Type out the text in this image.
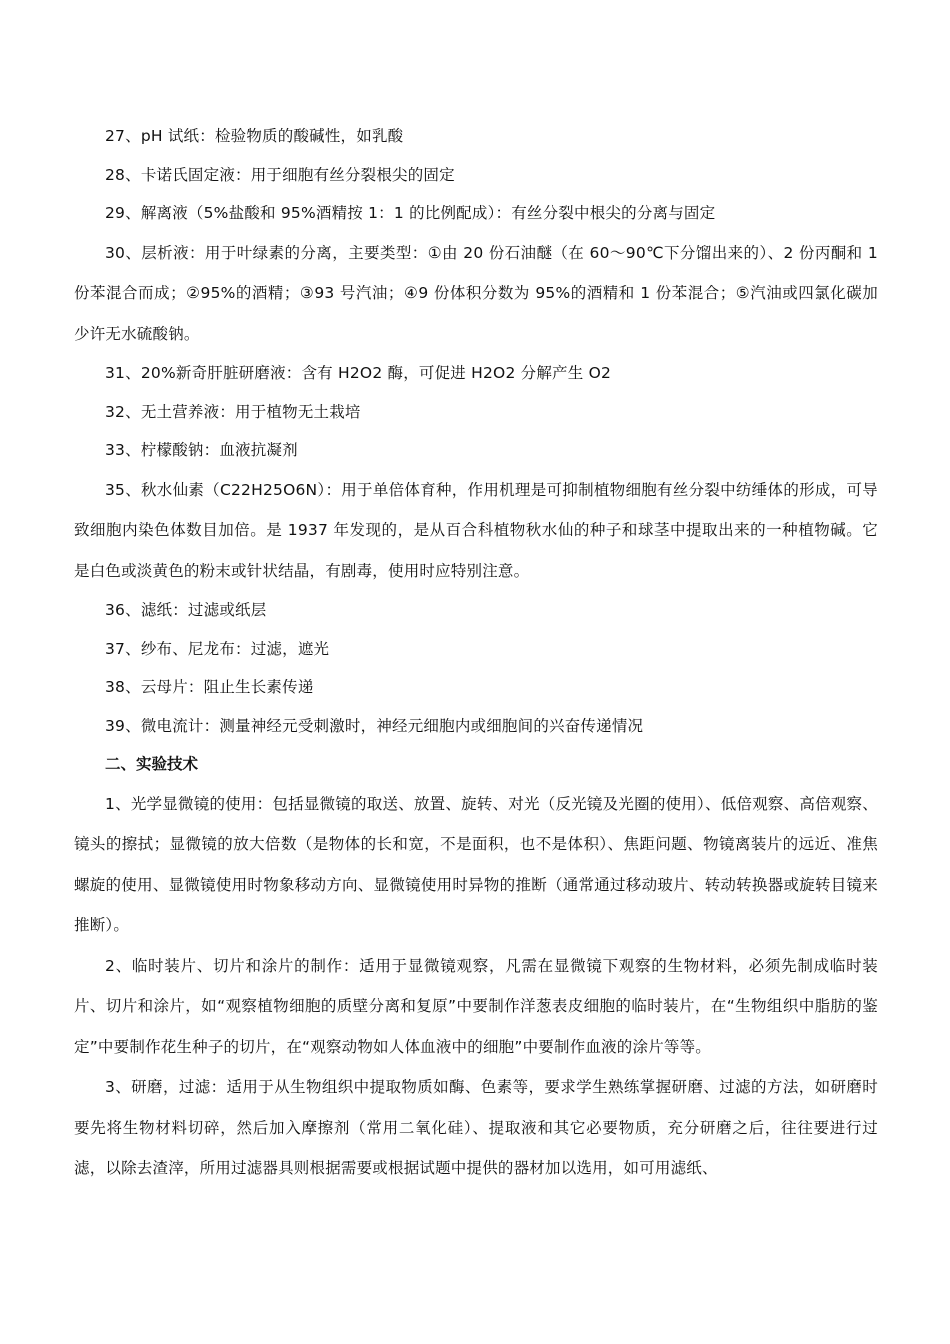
27、pH 试纸：检验物质的酸碱性，如乳酸

28、卡诺氏固定液：用于细胞有丝分裂根尖的固定

29、解离液（5%盐酸和 95%酒精按 1：1 的比例配成）：有丝分裂中根尖的分离与固定

30、层析液：用于叶绿素的分离，主要类型：①由 20 份石油醚（在 60～90℃下分馏出来的）、2 份丙酮和 1 份苯混合而成；②95%的酒精；③93 号汽油；④9 份体积分数为 95%的酒精和 1 份苯混合；⑤汽油或四氯化碳加少许无水硫酸钠。

31、20%新奇肝脏研磨液：含有 H2O2 酶，可促进 H2O2 分解产生 O2

32、无土营养液：用于植物无土栽培

33、柠檬酸钠：血液抗凝剂

35、秋水仙素（C22H25O6N）：用于单倍体育种，作用机理是可抑制植物细胞有丝分裂中纺缍体的形成，可导致细胞内染色体数目加倍。是 1937 年发现的，是从百合科植物秋水仙的种子和球茎中提取出来的一种植物碱。它是白色或淡黄色的粉末或针状结晶，有剧毒，使用时应特别注意。

36、滤纸：过滤或纸层

37、纱布、尼龙布：过滤，遮光

38、云母片：阻止生长素传递

39、微电流计：测量神经元受刺激时，神经元细胞内或细胞间的兴奋传递情况

二、实验技术

1、光学显微镜的使用：包括显微镜的取送、放置、旋转、对光（反光镜及光圈的使用）、低倍观察、高倍观察、镜头的擦拭；显微镜的放大倍数（是物体的长和宽，不是面积，也不是体积）、焦距问题、物镜离装片的远近、准焦螺旋的使用、显微镜使用时物象移动方向、显微镜使用时异物的推断（通常通过移动玻片、转动转换器或旋转目镜来推断）。

2、临时装片、切片和涂片的制作：适用于显微镜观察，凡需在显微镜下观察的生物材料，必须先制成临时装片、切片和涂片，如“观察植物细胞的质壁分离和复原”中要制作洋葱表皮细胞的临时装片，在“生物组织中脂肪的鉴定”中要制作花生种子的切片，在“观察动物如人体血液中的细胞”中要制作血液的涂片等等。

3、研磨，过滤：适用于从生物组织中提取物质如酶、色素等，要求学生熟练掌握研磨、过滤的方法，如研磨时要先将生物材料切碎，然后加入摩擦剂（常用二氧化硅）、提取液和其它必要物质，充分研磨之后，往往要进行过滤，以除去渣滓，所用过滤器具则根据需要或根据试题中提供的器材加以选用，如可用滤纸、
